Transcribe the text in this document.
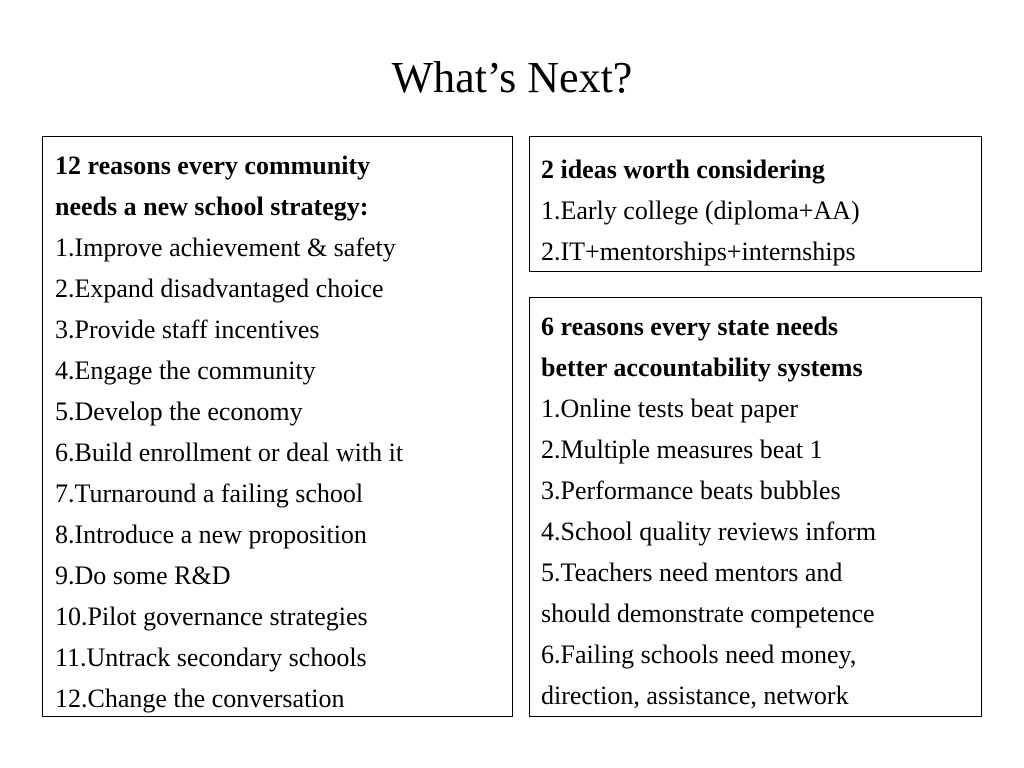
What’s Next?

12 reasons every community
needs a new school strategy:

1.Improve achievement & safety
2.Expand disadvantaged choice
3.Provide staff incentives
4.Engage the community
5.Develop the economy
6.Build enrollment or deal with it
7.Turnaround a failing school
8.Introduce a new proposition
9.Do some R&D
10.Pilot governance strategies
11.Untrack secondary schools
12.Change the conversation

2 ideas worth considering

1.Early college (diploma+AA)
2.IT+mentorships+internships

6 reasons every state needs
better accountability systems

1.Online tests beat paper
2.Multiple measures beat 1
3.Performance beats bubbles
4.School quality reviews inform
5.Teachers need mentors and
should demonstrate competence
6.Failing schools need money,
direction, assistance, network
